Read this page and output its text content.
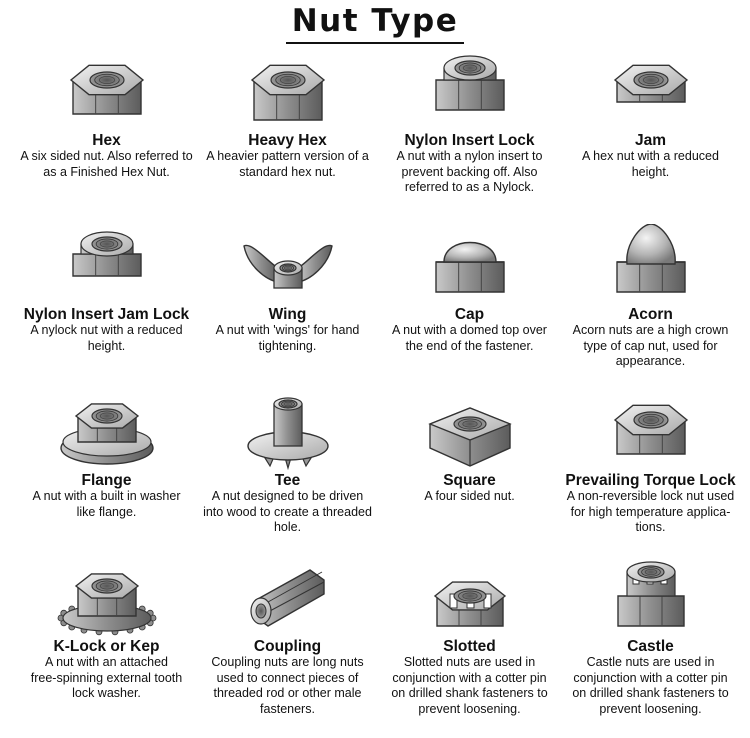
Nut Type
Hex
A six sided nut. Also referred to
as a Finished Hex Nut.
Heavy Hex
A heavier pattern version of a
standard hex nut.
Nylon Insert Lock
A nut with a nylon insert to
prevent backing off. Also
referred to as a Nylock.
Jam
A hex nut with a reduced
height.
Nylon Insert Jam Lock
A nylock nut with a reduced
height.
Wing
A nut with 'wings' for hand
tightening.
Cap
A nut with a domed top over
the end of the fastener.
Acorn
Acorn nuts are a high crown
type of cap nut, used for
appearance.
Flange
A nut with a built in washer
like flange.
Tee
A nut designed to be driven
into wood to create a threaded
hole.
Square
A four sided nut.
Prevailing Torque Lock
A non-reversible lock nut used
for high temperature applica-
tions.
K-Lock or Kep
A nut with an attached
free-spinning external tooth
lock washer.
Coupling
Coupling nuts are long nuts
used to connect pieces of
threaded rod or other male
fasteners.
Slotted
Slotted nuts are used in
conjunction with a cotter pin
on drilled shank fasteners to
prevent loosening.
Castle
Castle nuts are used in
conjunction with a cotter pin
on drilled shank fasteners to
prevent loosening.
